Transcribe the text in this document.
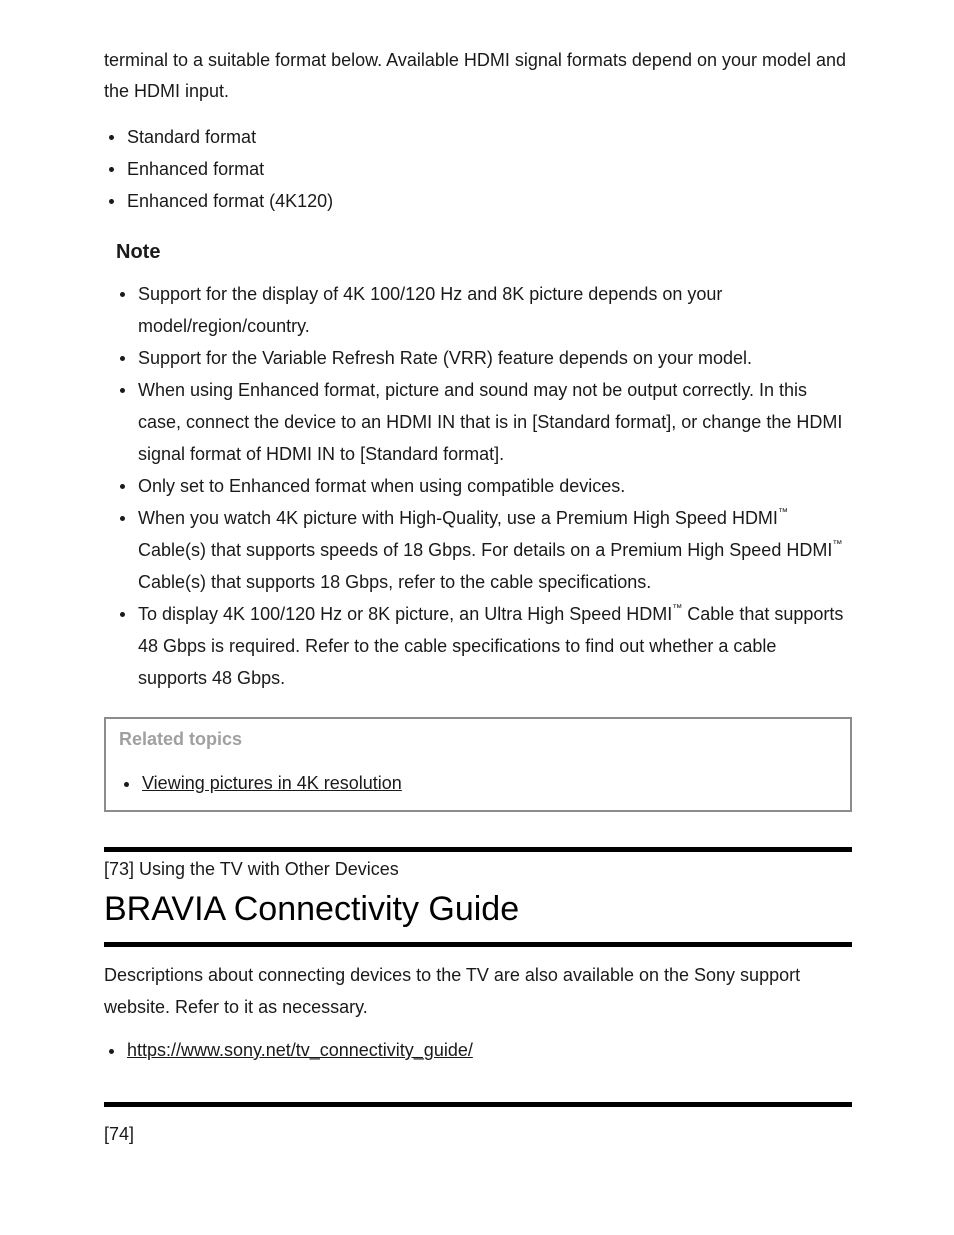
terminal to a suitable format below. Available HDMI signal formats depend on your model and the HDMI input.

Standard format
Enhanced format
Enhanced format (4K120)
Note
Support for the display of 4K 100/120 Hz and 8K picture depends on your model/region/country.
Support for the Variable Refresh Rate (VRR) feature depends on your model.
When using Enhanced format, picture and sound may not be output correctly. In this case, connect the device to an HDMI IN that is in [Standard format], or change the HDMI signal format of HDMI IN to [Standard format].
Only set to Enhanced format when using compatible devices.
When you watch 4K picture with High-Quality, use a Premium High Speed HDMI™ Cable(s) that supports speeds of 18 Gbps. For details on a Premium High Speed HDMI™ Cable(s) that supports 18 Gbps, refer to the cable specifications.
To display 4K 100/120 Hz or 8K picture, an Ultra High Speed HDMI™ Cable that supports 48 Gbps is required. Refer to the cable specifications to find out whether a cable supports 48 Gbps.

Related topics

Viewing pictures in 4K resolution

[73] Using the TV with Other Devices

BRAVIA Connectivity Guide

Descriptions about connecting devices to the TV are also available on the Sony support website. Refer to it as necessary.

https://www.sony.net/tv_connectivity_guide/

[74]
